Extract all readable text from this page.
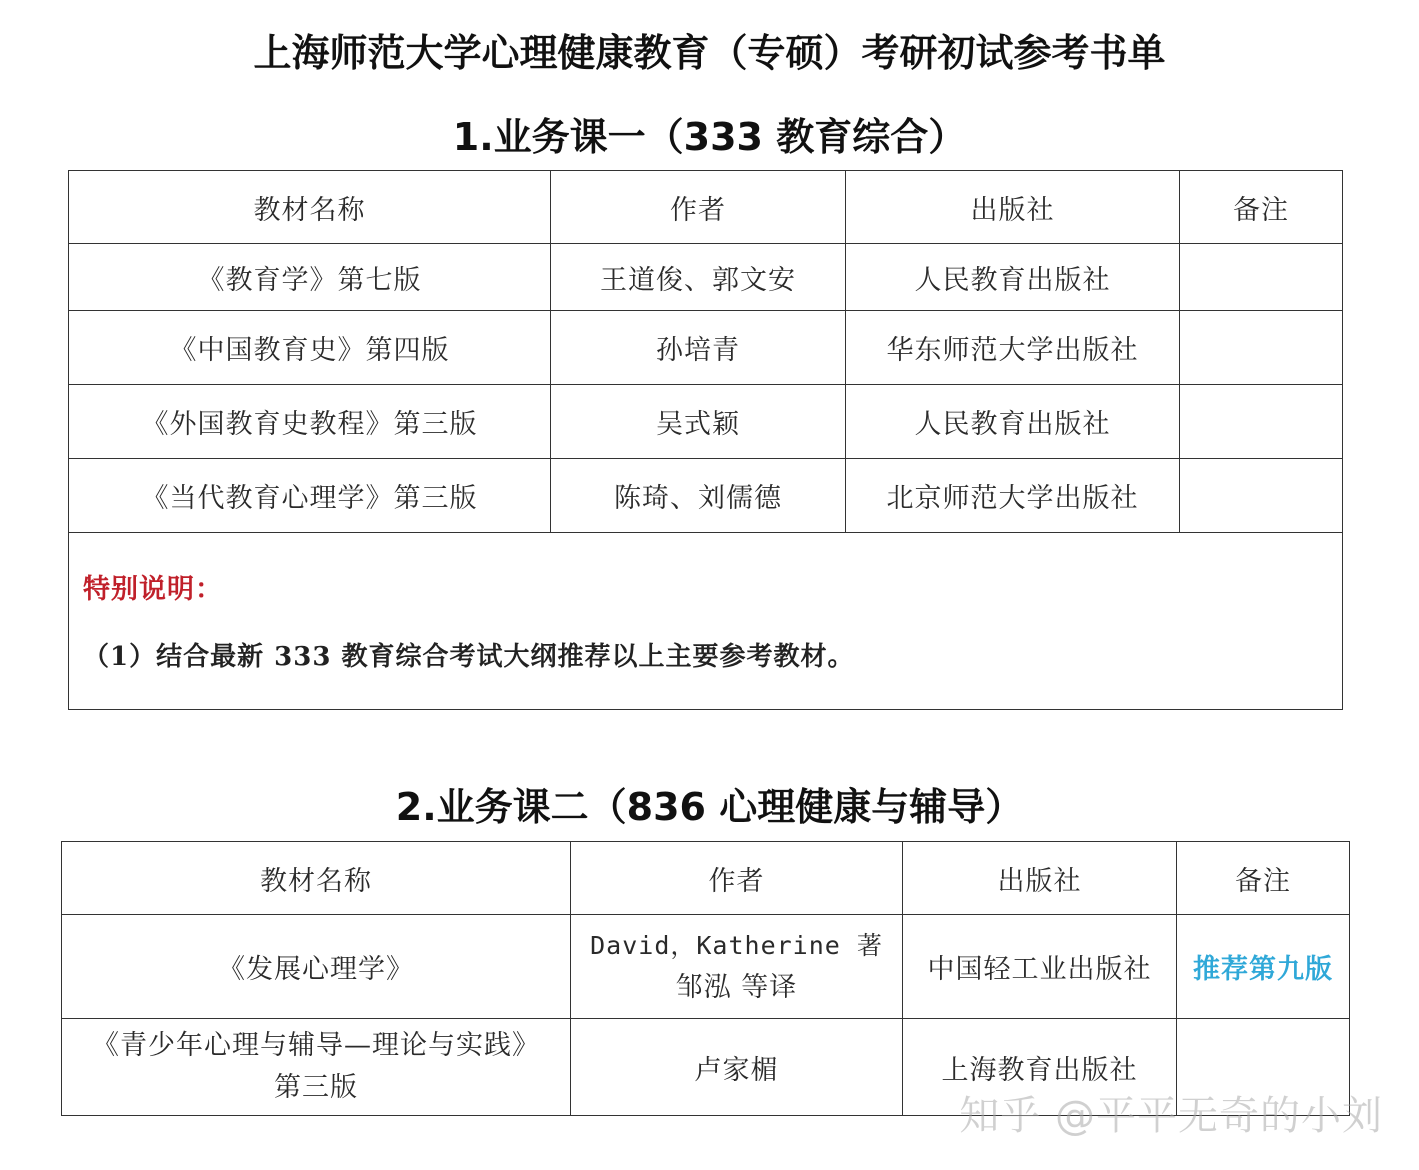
上海师范大学心理健康教育（专硕）考研初试参考书单
1.业务课一（333 教育综合）
教材名称	作者	出版社	备注
《教育学》第七版	王道俊、郭文安	人民教育出版社	
《中国教育史》第四版	孙培青	华东师范大学出版社	
《外国教育史教程》第三版	吴式颖	人民教育出版社	
《当代教育心理学》第三版	陈琦、刘儒德	北京师范大学出版社	

特别说明：
（1）结合最新 333 教育综合考试大纲推荐以上主要参考教材。			
2.业务课二（836 心理健康与辅导）
教材名称	作者	出版社	备注
《发展心理学》	David，Katherine 著
邹泓 等译	中国轻工业出版社	推荐第九版
《青少年心理与辅导—理论与实践》
第三版	卢家楣	上海教育出版社	
知乎 @平平无奇的小刘
